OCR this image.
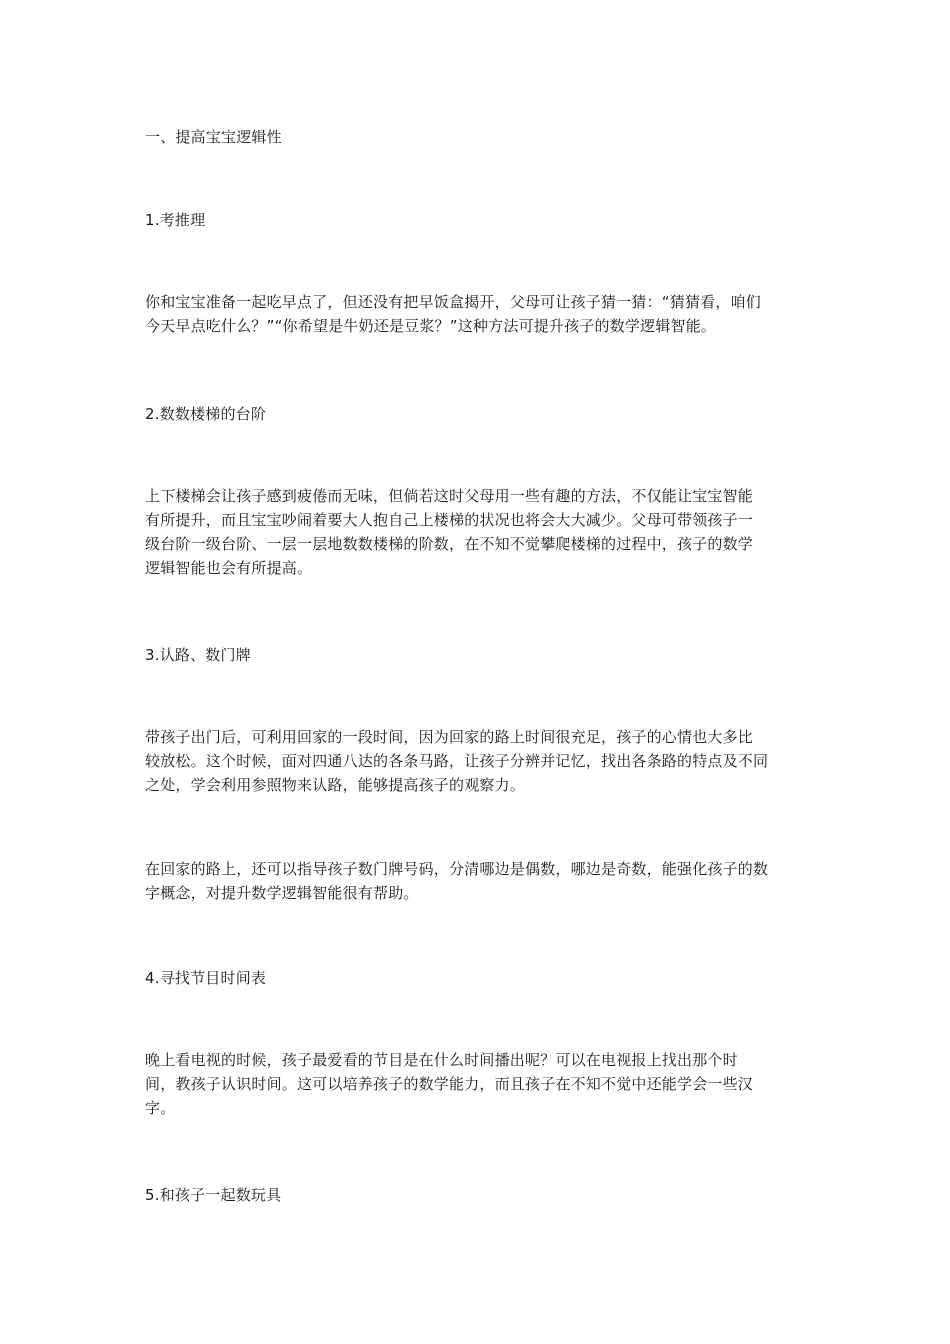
一、提高宝宝逻辑性

1.考推理

你和宝宝准备一起吃早点了，但还没有把早饭盒揭开，父母可让孩子猜一猜：“猜猜看，咱们
今天早点吃什么？”“你希望是牛奶还是豆浆？”这种方法可提升孩子的数学逻辑智能。

2.数数楼梯的台阶

上下楼梯会让孩子感到疲倦而无味，但倘若这时父母用一些有趣的方法，不仅能让宝宝智能
有所提升，而且宝宝吵闹着要大人抱自己上楼梯的状况也将会大大减少。父母可带领孩子一
级台阶一级台阶、一层一层地数数楼梯的阶数，在不知不觉攀爬楼梯的过程中，孩子的数学
逻辑智能也会有所提高。

3.认路、数门牌

带孩子出门后，可利用回家的一段时间，因为回家的路上时间很充足，孩子的心情也大多比
较放松。这个时候，面对四通八达的各条马路，让孩子分辨并记忆，找出各条路的特点及不同
之处，学会利用参照物来认路，能够提高孩子的观察力。

在回家的路上，还可以指导孩子数门牌号码，分清哪边是偶数，哪边是奇数，能强化孩子的数
字概念，对提升数学逻辑智能很有帮助。

4.寻找节目时间表

晚上看电视的时候，孩子最爱看的节目是在什么时间播出呢？可以在电视报上找出那个时
间，教孩子认识时间。这可以培养孩子的数学能力，而且孩子在不知不觉中还能学会一些汉
字。

5.和孩子一起数玩具
